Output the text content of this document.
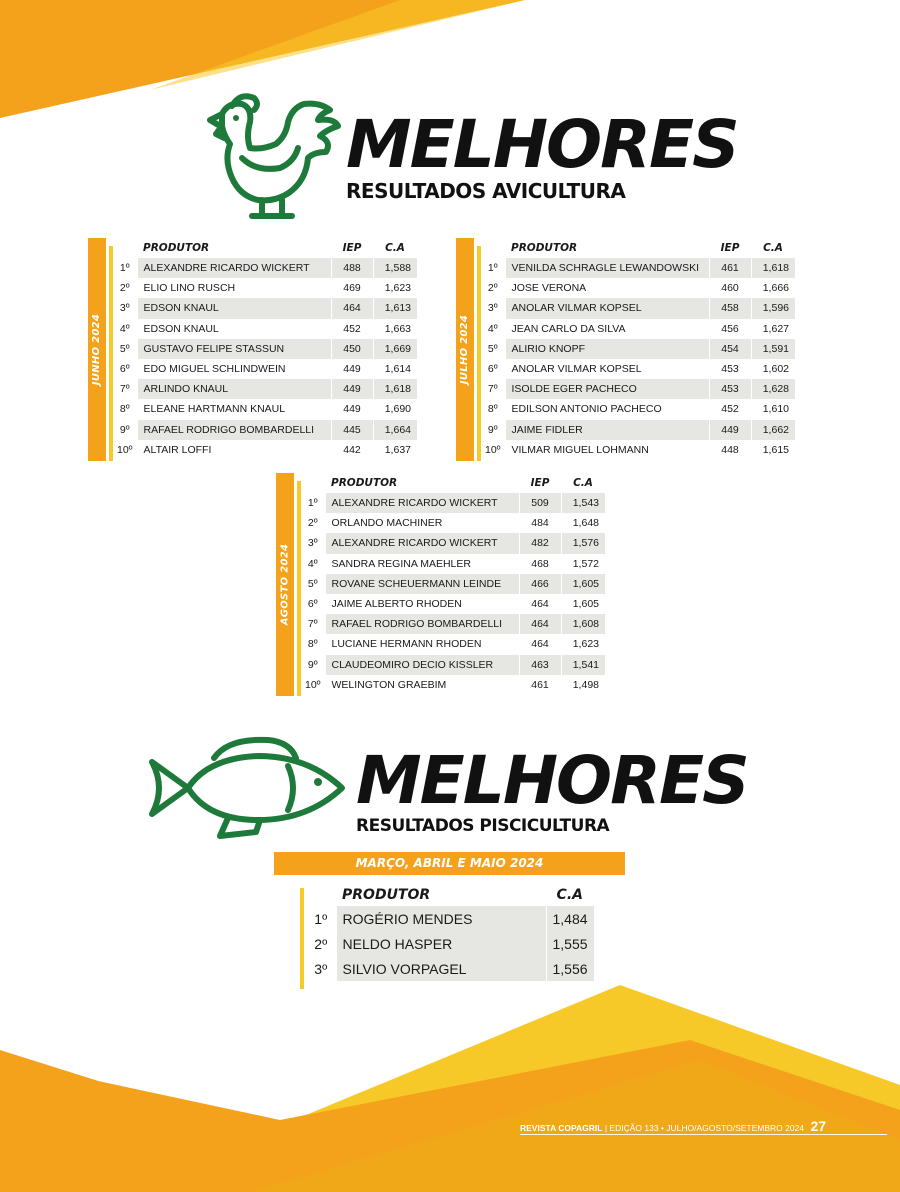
MELHORES
RESULTADOS AVICULTURA
JUNHO 2024
	PRODUTOR	IEP	C.A
1º	ALEXANDRE RICARDO WICKERT	488	1,588
2º	ELIO LINO RUSCH	469	1,623
3º	EDSON KNAUL	464	1,613
4º	EDSON KNAUL	452	1,663
5º	GUSTAVO FELIPE STASSUN	450	1,669
6º	EDO MIGUEL SCHLINDWEIN	449	1,614
7º	ARLINDO KNAUL	449	1,618
8º	ELEANE HARTMANN KNAUL	449	1,690
9º	RAFAEL RODRIGO BOMBARDELLI	445	1,664
10º	ALTAIR LOFFI	442	1,637
JULHO 2024
	PRODUTOR	IEP	C.A
1º	VENILDA SCHRAGLE LEWANDOWSKI	461	1,618
2º	JOSE VERONA	460	1,666
3º	ANOLAR VILMAR KOPSEL	458	1,596
4º	JEAN CARLO DA SILVA	456	1,627
5º	ALIRIO KNOPF	454	1,591
6º	ANOLAR VILMAR KOPSEL	453	1,602
7º	ISOLDE EGER PACHECO	453	1,628
8º	EDILSON ANTONIO PACHECO	452	1,610
9º	JAIME FIDLER	449	1,662
10º	VILMAR MIGUEL LOHMANN	448	1,615
AGOSTO 2024
	PRODUTOR	IEP	C.A
1º	ALEXANDRE RICARDO WICKERT	509	1,543
2º	ORLANDO MACHINER	484	1,648
3º	ALEXANDRE RICARDO WICKERT	482	1,576
4º	SANDRA REGINA MAEHLER	468	1,572
5º	ROVANE SCHEUERMANN LEINDE	466	1,605
6º	JAIME ALBERTO RHODEN	464	1,605
7º	RAFAEL RODRIGO BOMBARDELLI	464	1,608
8º	LUCIANE HERMANN RHODEN	464	1,623
9º	CLAUDEOMIRO DECIO KISSLER	463	1,541
10º	WELINGTON GRAEBIM	461	1,498
MELHORES
RESULTADOS PISCICULTURA
MARÇO, ABRIL E MAIO 2024
	PRODUTOR	C.A
1º	ROGÉRIO MENDES	1,484
2º	NELDO HASPER	1,555
3º	SILVIO VORPAGEL	1,556
REVISTA COPAGRIL | EDIÇÃO 133 • JULHO/AGOSTO/SETEMBRO 2024 27
